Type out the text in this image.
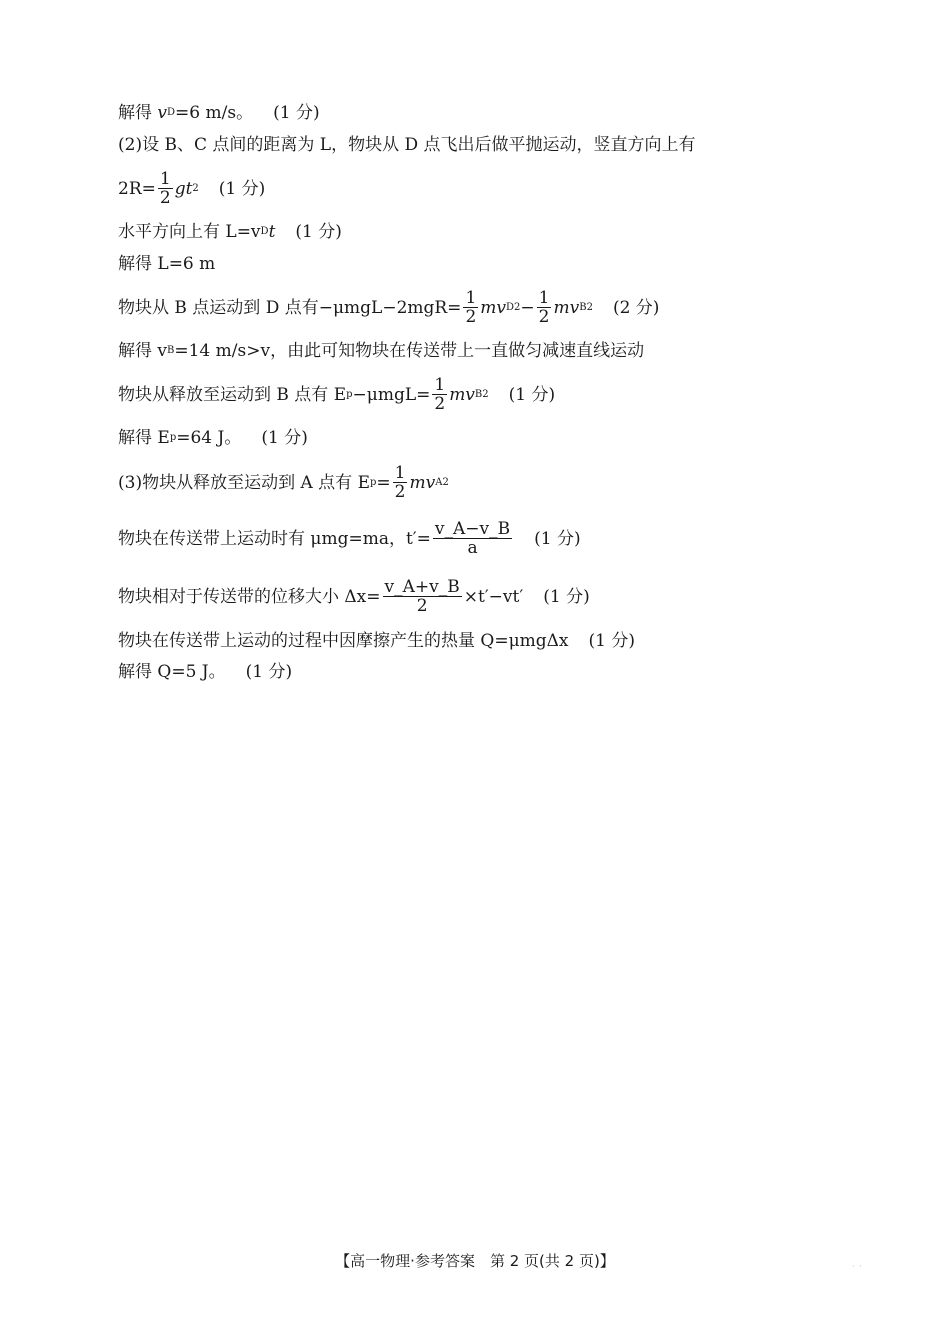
解得 v D =6 m/s。 (1 分)
(2)设 B、C 点间的距离为 L，物块从 D 点飞出后做平抛运动，竖直方向上有
$2R= \frac{1}{2}$ gt 2 (1 分)
水平方向上有 L=v D t (1 分)
解得 L=6 m
物块从 B 点运动到 D 点有$-\mu mgL-2mgR= \frac{1}{2}$ mv D $2 - \frac{1}{2}$ mv B 2 (2 分)
解得 v B =14 m/s>v，由此可知物块在传送带上一直做匀减速直线运动
物块从释放至运动到 B 点有 E $p -\mu mgL= \frac{1}{2}$ mv B 2 (1 分)
解得 E p =64 J。 (1 分)
(3)物块从释放至运动到 A 点有 E $p = \frac{1}{2}$ mv A 2
物块在传送带上运动时有 μmg=ma，$t'= \frac{v\_A-v\_B}{a} (1$ 分)
物块相对于传送带的位移大小 $\Delta x= \frac{v\_A+v\_B}{2} \times t'-vt'$ (1 分)
物块在传送带上运动的过程中因摩擦产生的热量 Q=μmgΔx (1 分)
解得 Q=5 J。 (1 分)
【高一物理·参考答案　第 2 页(共 2 页)】	· ·
